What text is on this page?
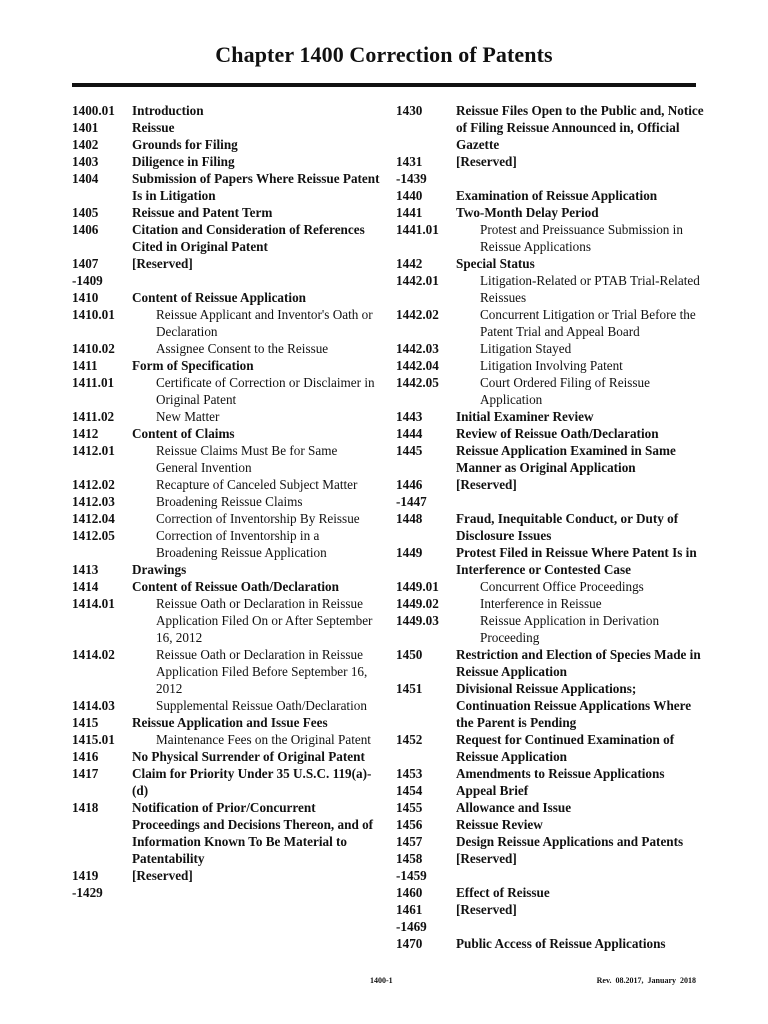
Chapter 1400 Correction of Patents
1400.01	Introduction
1401	Reissue
1402	Grounds for Filing
1403	Diligence in Filing
1404	Submission of Papers Where Reissue Patent Is in Litigation
1405	Reissue and Patent Term
1406	Citation and Consideration of References Cited in Original Patent
1407	[Reserved]
-1409
1410	Content of Reissue Application
1410.01	Reissue Applicant and Inventor's Oath or Declaration
1410.02	Assignee Consent to the Reissue
1411	Form of Specification
1411.01	Certificate of Correction or Disclaimer in Original Patent
1411.02	New Matter
1412	Content of Claims
1412.01	Reissue Claims Must Be for Same General Invention
1412.02	Recapture of Canceled Subject Matter
1412.03	Broadening Reissue Claims
1412.04	Correction of Inventorship By Reissue
1412.05	Correction of Inventorship in a Broadening Reissue Application
1413	Drawings
1414	Content of Reissue Oath/Declaration
1414.01	Reissue Oath or Declaration in Reissue Application Filed On or After September 16, 2012
1414.02	Reissue Oath or Declaration in Reissue Application Filed Before September 16, 2012
1414.03	Supplemental Reissue Oath/Declaration
1415	Reissue Application and Issue Fees
1415.01	Maintenance Fees on the Original Patent
1416	No Physical Surrender of Original Patent
1417	Claim for Priority Under 35 U.S.C. 119(a)-(d)
1418	Notification of Prior/Concurrent Proceedings and Decisions Thereon, and of Information Known To Be Material to Patentability
1419	[Reserved]
-1429
1430	Reissue Files Open to the Public and, Notice of Filing Reissue Announced in, Official Gazette
1431	[Reserved]
-1439
1440	Examination of Reissue Application
1441	Two-Month Delay Period
1441.01	Protest and Preissuance Submission in Reissue Applications
1442	Special Status
1442.01	Litigation-Related or PTAB Trial-Related Reissues
1442.02	Concurrent Litigation or Trial Before the Patent Trial and Appeal Board
1442.03	Litigation Stayed
1442.04	Litigation Involving Patent
1442.05	Court Ordered Filing of Reissue Application
1443	Initial Examiner Review
1444	Review of Reissue Oath/Declaration
1445	Reissue Application Examined in Same Manner as Original Application
1446	[Reserved]
-1447
1448	Fraud, Inequitable Conduct, or Duty of Disclosure Issues
1449	Protest Filed in Reissue Where Patent Is in Interference or Contested Case
1449.01	Concurrent Office Proceedings
1449.02	Interference in Reissue
1449.03	Reissue Application in Derivation Proceeding
1450	Restriction and Election of Species Made in Reissue Application
1451	Divisional Reissue Applications; Continuation Reissue Applications Where the Parent is Pending
1452	Request for Continued Examination of Reissue Application
1453	Amendments to Reissue Applications
1454	Appeal Brief
1455	Allowance and Issue
1456	Reissue Review
1457	Design Reissue Applications and Patents
1458	[Reserved]
-1459
1460	Effect of Reissue
1461	[Reserved]
-1469
1470	Public Access of Reissue Applications
1400-1	Rev. 08.2017, January 2018
